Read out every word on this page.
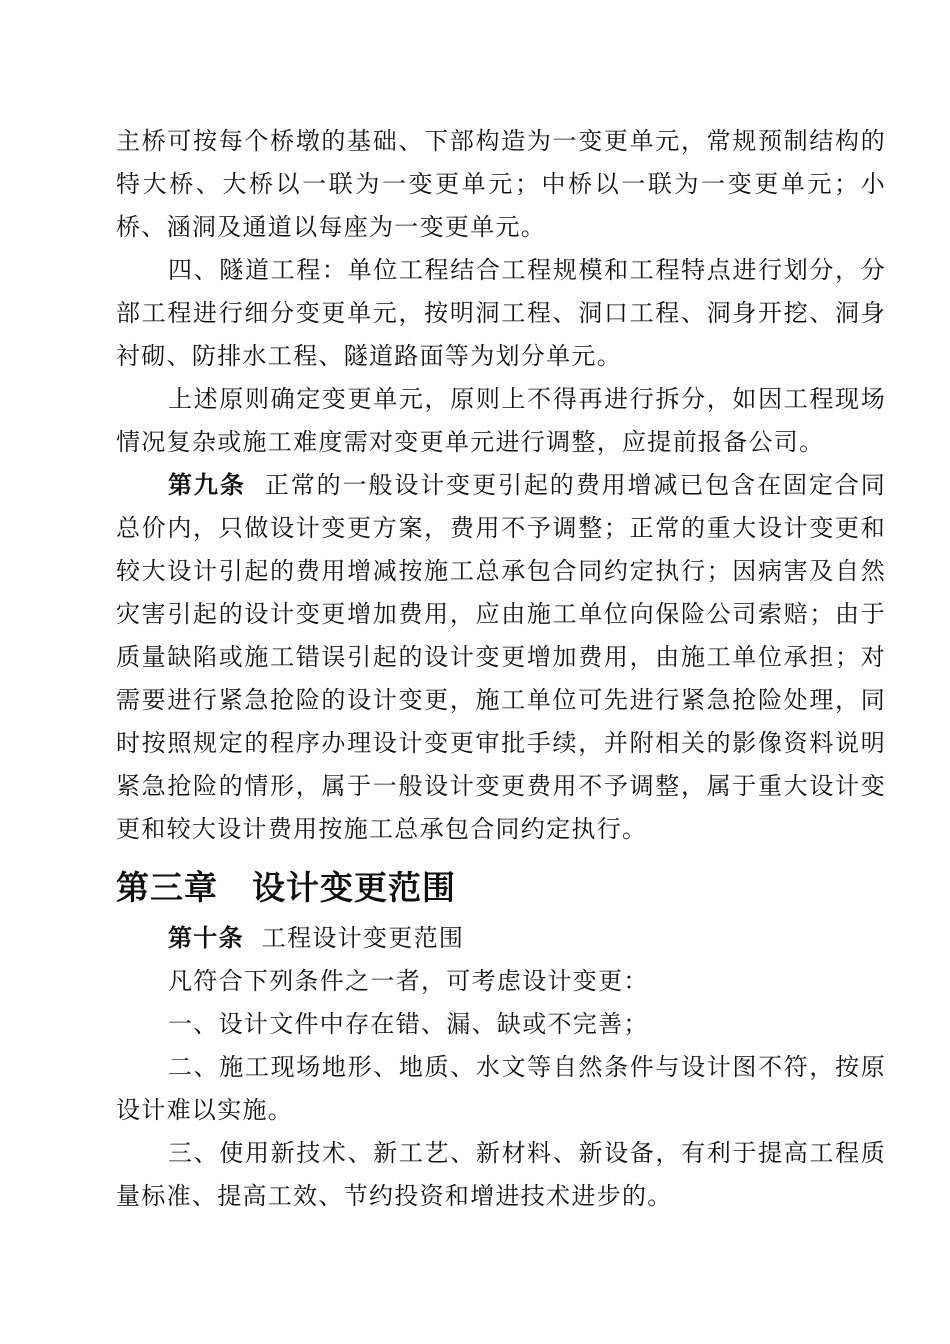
主桥可按每个桥墩的基础、下部构造为一变更单元，常规预制结构的特大桥、大桥以一联为一变更单元；中桥以一联为一变更单元；小桥、涵洞及通道以每座为一变更单元。

四、隧道工程：单位工程结合工程规模和工程特点进行划分，分部工程进行细分变更单元，按明洞工程、洞口工程、洞身开挖、洞身衬砌、防排水工程、隧道路面等为划分单元。

上述原则确定变更单元，原则上不得再进行拆分，如因工程现场情况复杂或施工难度需对变更单元进行调整，应提前报备公司。

第九条 正常的一般设计变更引起的费用增减已包含在固定合同总价内，只做设计变更方案，费用不予调整；正常的重大设计变更和较大设计引起的费用增减按施工总承包合同约定执行；因病害及自然灾害引起的设计变更增加费用，应由施工单位向保险公司索赔；由于质量缺陷或施工错误引起的设计变更增加费用，由施工单位承担；对需要进行紧急抢险的设计变更，施工单位可先进行紧急抢险处理，同时按照规定的程序办理设计变更审批手续，并附相关的影像资料说明紧急抢险的情形，属于一般设计变更费用不予调整，属于重大设计变更和较大设计费用按施工总承包合同约定执行。

第三章 设计变更范围

第十条 工程设计变更范围

凡符合下列条件之一者，可考虑设计变更：

一、设计文件中存在错、漏、缺或不完善；

二、施工现场地形、地质、水文等自然条件与设计图不符，按原设计难以实施。

三、使用新技术、新工艺、新材料、新设备，有利于提高工程质量标准、提高工效、节约投资和增进技术进步的。
